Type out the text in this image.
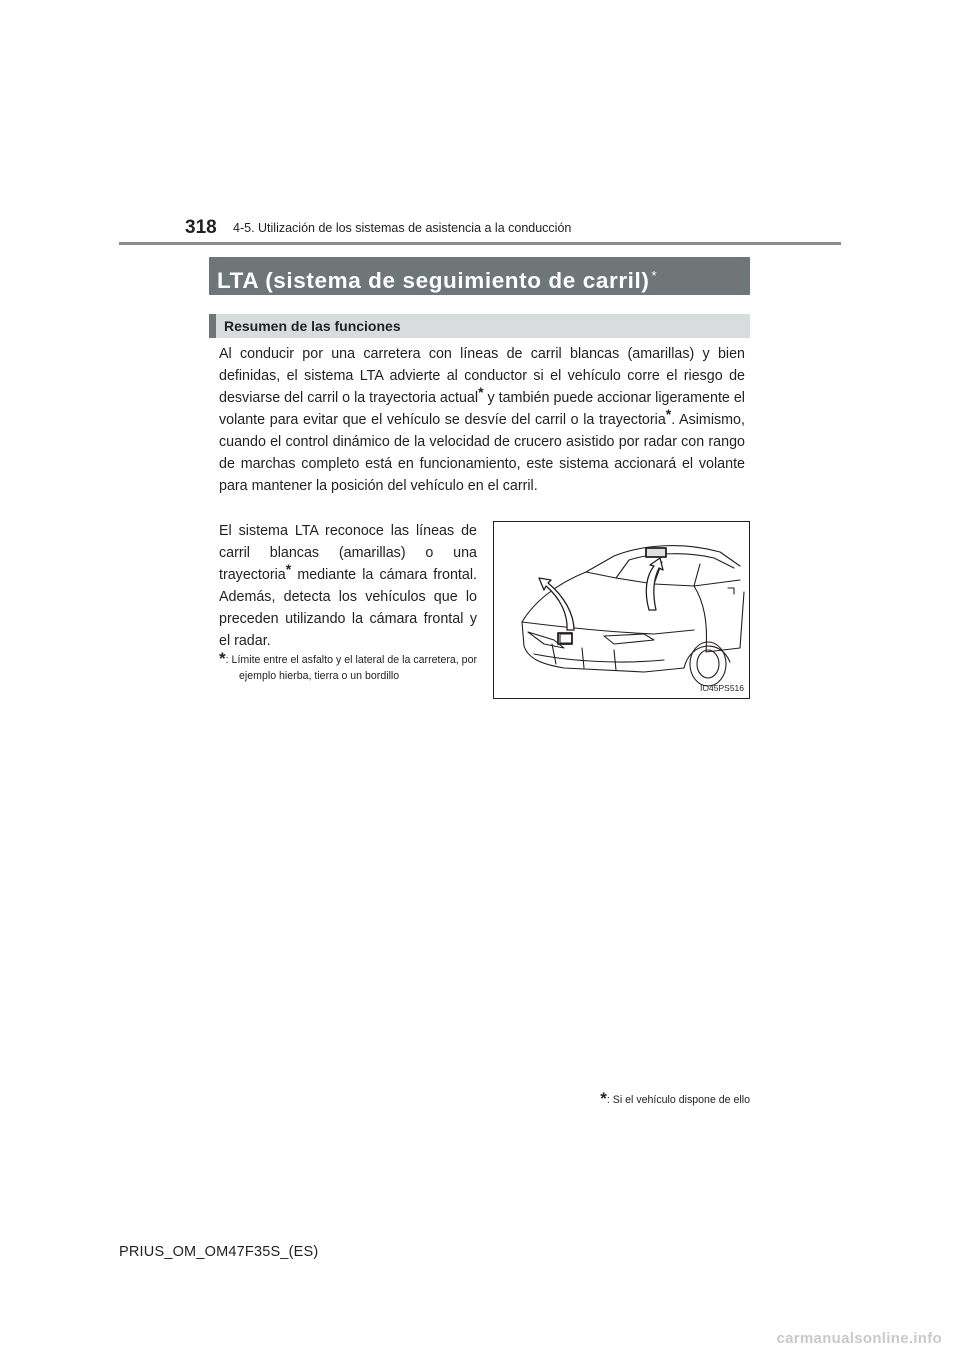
318 4-5. Utilización de los sistemas de asistencia a la conducción
LTA (sistema de seguimiento de carril) *
Resumen de las funciones
Al conducir por una carretera con líneas de carril blancas (amarillas) y bien definidas, el sistema LTA advierte al conductor si el vehículo corre el riesgo de desviarse del carril o la trayectoria actual* y también puede accionar ligeramente el volante para evitar que el vehículo se desvíe del carril o la trayectoria*. Asimismo, cuando el control dinámico de la velocidad de crucero asistido por radar con rango de marchas completo está en funcionamiento, este sistema accionará el volante para mantener la posición del vehículo en el carril.
El sistema LTA reconoce las líneas de carril blancas (amarillas) o una trayectoria* mediante la cámara frontal. Además, detecta los vehículos que lo preceden utilizando la cámara frontal y el radar.
*: Límite entre el asfalto y el lateral de la carretera, por ejemplo hierba, tierra o un bordillo
IO45PS516
*: Si el vehículo dispone de ello
PRIUS_OM_OM47F35S_(ES)
carmanualsonline.info
